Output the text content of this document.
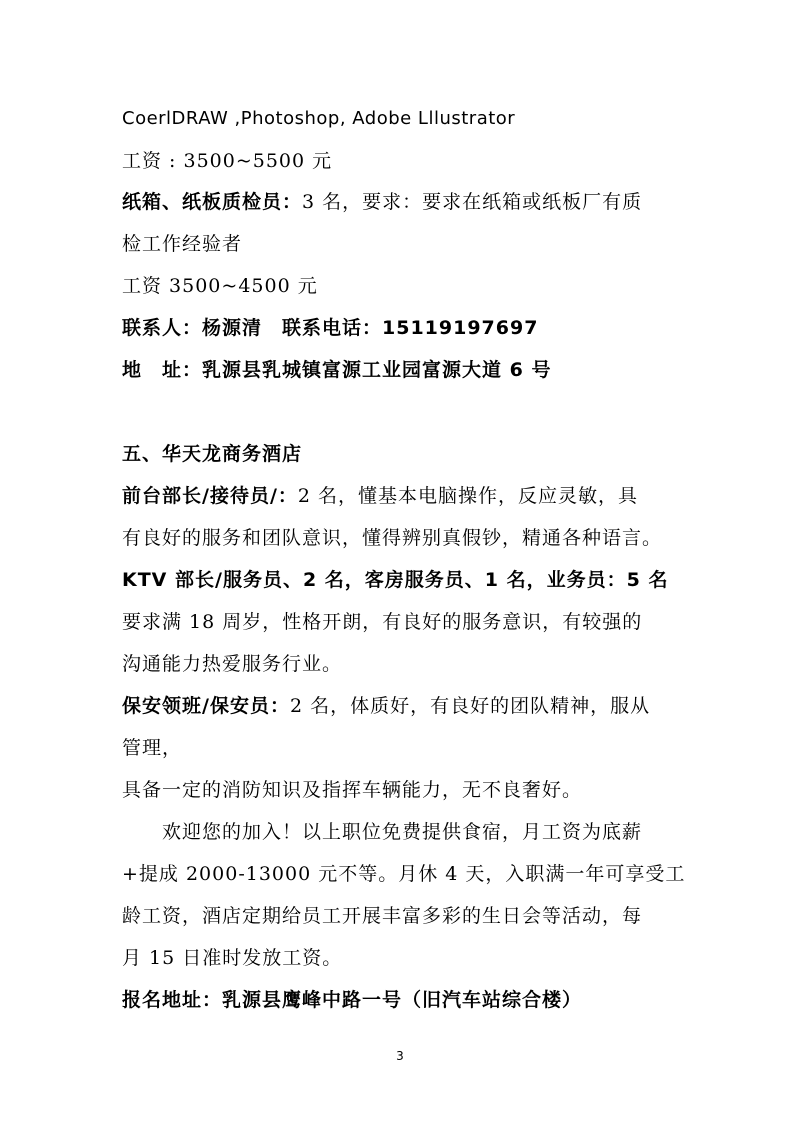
CoerlDRAW ,Photoshop, Adobe Lllustrator
工资 : 3500~5500 元
纸箱、纸板质检员：3 名，要求：要求在纸箱或纸板厂有质
检工作经验者
工资 3500~4500 元
联系人：杨源清　联系电话：15119197697
地　址：乳源县乳城镇富源工业园富源大道 6 号
五、华天龙商务酒店
前台部长/接待员/：2 名，懂基本电脑操作，反应灵敏，具
有良好的服务和团队意识，懂得辨别真假钞，精通各种语言。
KTV 部长/服务员、2 名，客房服务员、1 名，业务员：5 名
要求满 18 周岁，性格开朗，有良好的服务意识，有较强的
沟通能力热爱服务行业。
保安领班/保安员：2 名，体质好，有良好的团队精神，服从
管理，
具备一定的消防知识及指挥车辆能力，无不良奢好。
欢迎您的加入！以上职位免费提供食宿，月工资为底薪
+提成 2000-13000 元不等。月休 4 天，入职满一年可享受工
龄工资，酒店定期给员工开展丰富多彩的生日会等活动，每
月 15 日准时发放工资。
报名地址：乳源县鹰峰中路一号（旧汽车站综合楼）
3
